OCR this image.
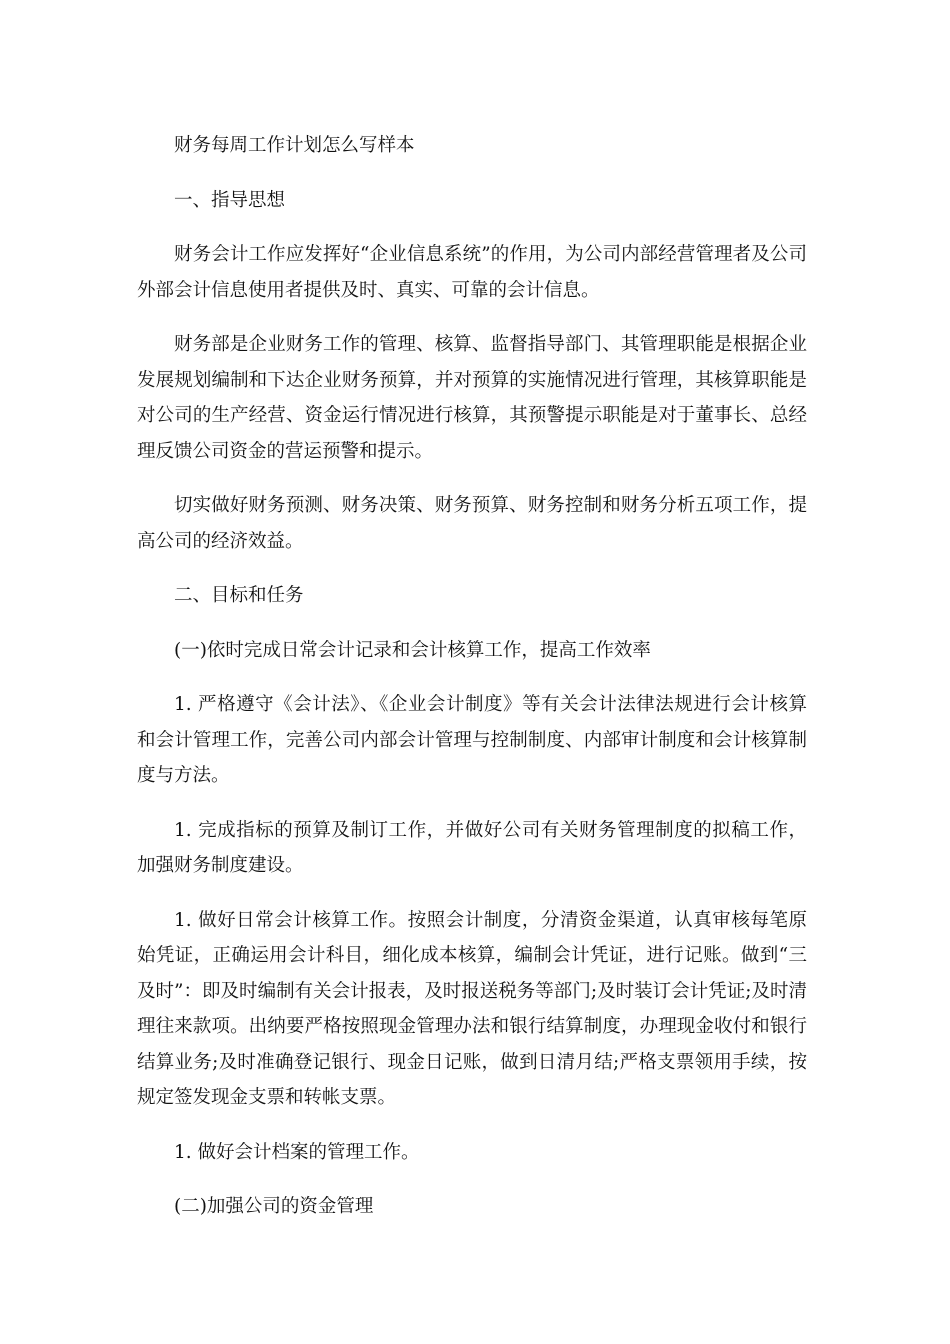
财务每周工作计划怎么写样本

一、指导思想

财务会计工作应发挥好“企业信息系统”的作用，为公司内部经营管理者及公司外部会计信息使用者提供及时、真实、可靠的会计信息。

财务部是企业财务工作的管理、核算、监督指导部门、其管理职能是根据企业发展规划编制和下达企业财务预算，并对预算的实施情况进行管理，其核算职能是对公司的生产经营、资金运行情况进行核算，其预警提示职能是对于董事长、总经理反馈公司资金的营运预警和提示。

切实做好财务预测、财务决策、财务预算、财务控制和财务分析五项工作，提高公司的经济效益。

二、目标和任务

(一)依时完成日常会计记录和会计核算工作，提高工作效率

1. 严格遵守《会计法》、《企业会计制度》等有关会计法律法规进行会计核算和会计管理工作，完善公司内部会计管理与控制制度、内部审计制度和会计核算制度与方法。

1. 完成指标的预算及制订工作，并做好公司有关财务管理制度的拟稿工作，加强财务制度建设。

1. 做好日常会计核算工作。按照会计制度，分清资金渠道，认真审核每笔原始凭证，正确运用会计科目，细化成本核算，编制会计凭证，进行记账。做到“三及时”：即及时编制有关会计报表，及时报送税务等部门;及时装订会计凭证;及时清理往来款项。出纳要严格按照现金管理办法和银行结算制度，办理现金收付和银行结算业务;及时准确登记银行、现金日记账，做到日清月结;严格支票领用手续，按规定签发现金支票和转帐支票。

1. 做好会计档案的管理工作。

(二)加强公司的资金管理
